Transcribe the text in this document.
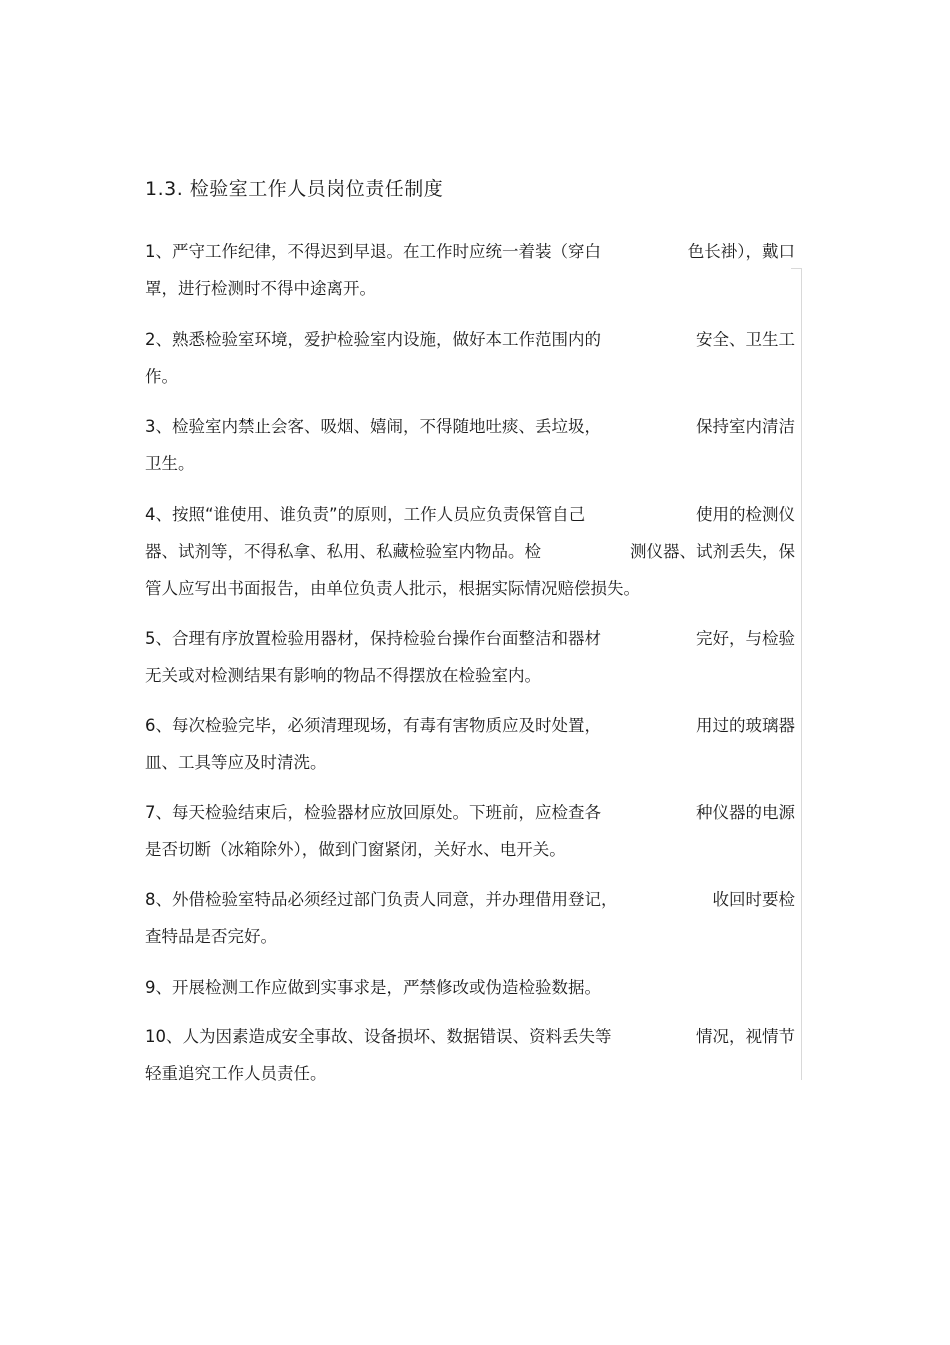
1.3. 检验室工作人员岗位责任制度
1、严守工作纪律，不得迟到早退。在工作时应统一着装（穿白	色长褂），戴口
罩，进行检测时不得中途离开。
2、熟悉检验室环境，爱护检验室内设施，做好本工作范围内的	安全、卫生工
作。
3、检验室内禁止会客、吸烟、嬉闹，不得随地吐痰、丢垃圾，	保持室内清洁
卫生。
4、按照“谁使用、谁负责”的原则，工作人员应负责保管自己	使用的检测仪
器、试剂等，不得私拿、私用、私藏检验室内物品。检	测仪器、试剂丢失，保
管人应写出书面报告，由单位负责人批示，根据实际情况赔偿损失。
5、合理有序放置检验用器材，保持检验台操作台面整洁和器材	完好，与检验
无关或对检测结果有影响的物品不得摆放在检验室内。
6、每次检验完毕，必须清理现场，有毒有害物质应及时处置，	用过的玻璃器
皿、工具等应及时清洗。
7、每天检验结束后，检验器材应放回原处。下班前，应检查各	种仪器的电源
是否切断（冰箱除外），做到门窗紧闭，关好水、电开关。
8、外借检验室特品必须经过部门负责人同意，并办理借用登记，	收回时要检
查特品是否完好。
9、开展检测工作应做到实事求是，严禁修改或伪造检验数据。
10、人为因素造成安全事故、设备损坏、数据错误、资料丢失等	情况，视情节
轻重追究工作人员责任。
